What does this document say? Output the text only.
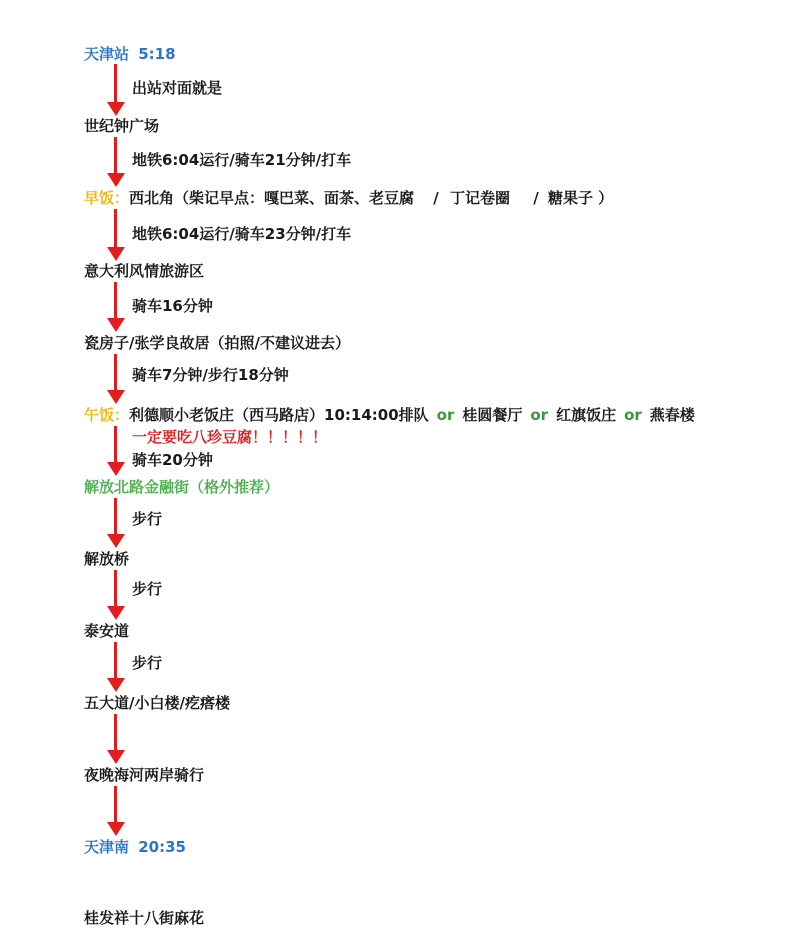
天津站 5:18
出站对面就是
世纪钟广场
地铁6:04运行/骑车21分钟/打车
早饭：西北角（柴记早点：嘎巴菜、面茶、老豆腐 / 丁记卷圈 / 糖果子 ）
地铁6:04运行/骑车23分钟/打车
意大利风情旅游区
骑车16分钟
瓷房子/张学良故居（拍照/不建议进去）
骑车7分钟/步行18分钟
午饭：利德顺小老饭庄（西马路店）10:14:00排队 or 桂圆餐厅 or 红旗饭庄 or 燕春楼
一定要吃八珍豆腐！！！！！
骑车20分钟
解放北路金融街（格外推荐）
步行
解放桥
步行
泰安道
步行
五大道/小白楼/疙瘩楼
夜晚海河两岸骑行
天津南 20:35
桂发祥十八街麻花
